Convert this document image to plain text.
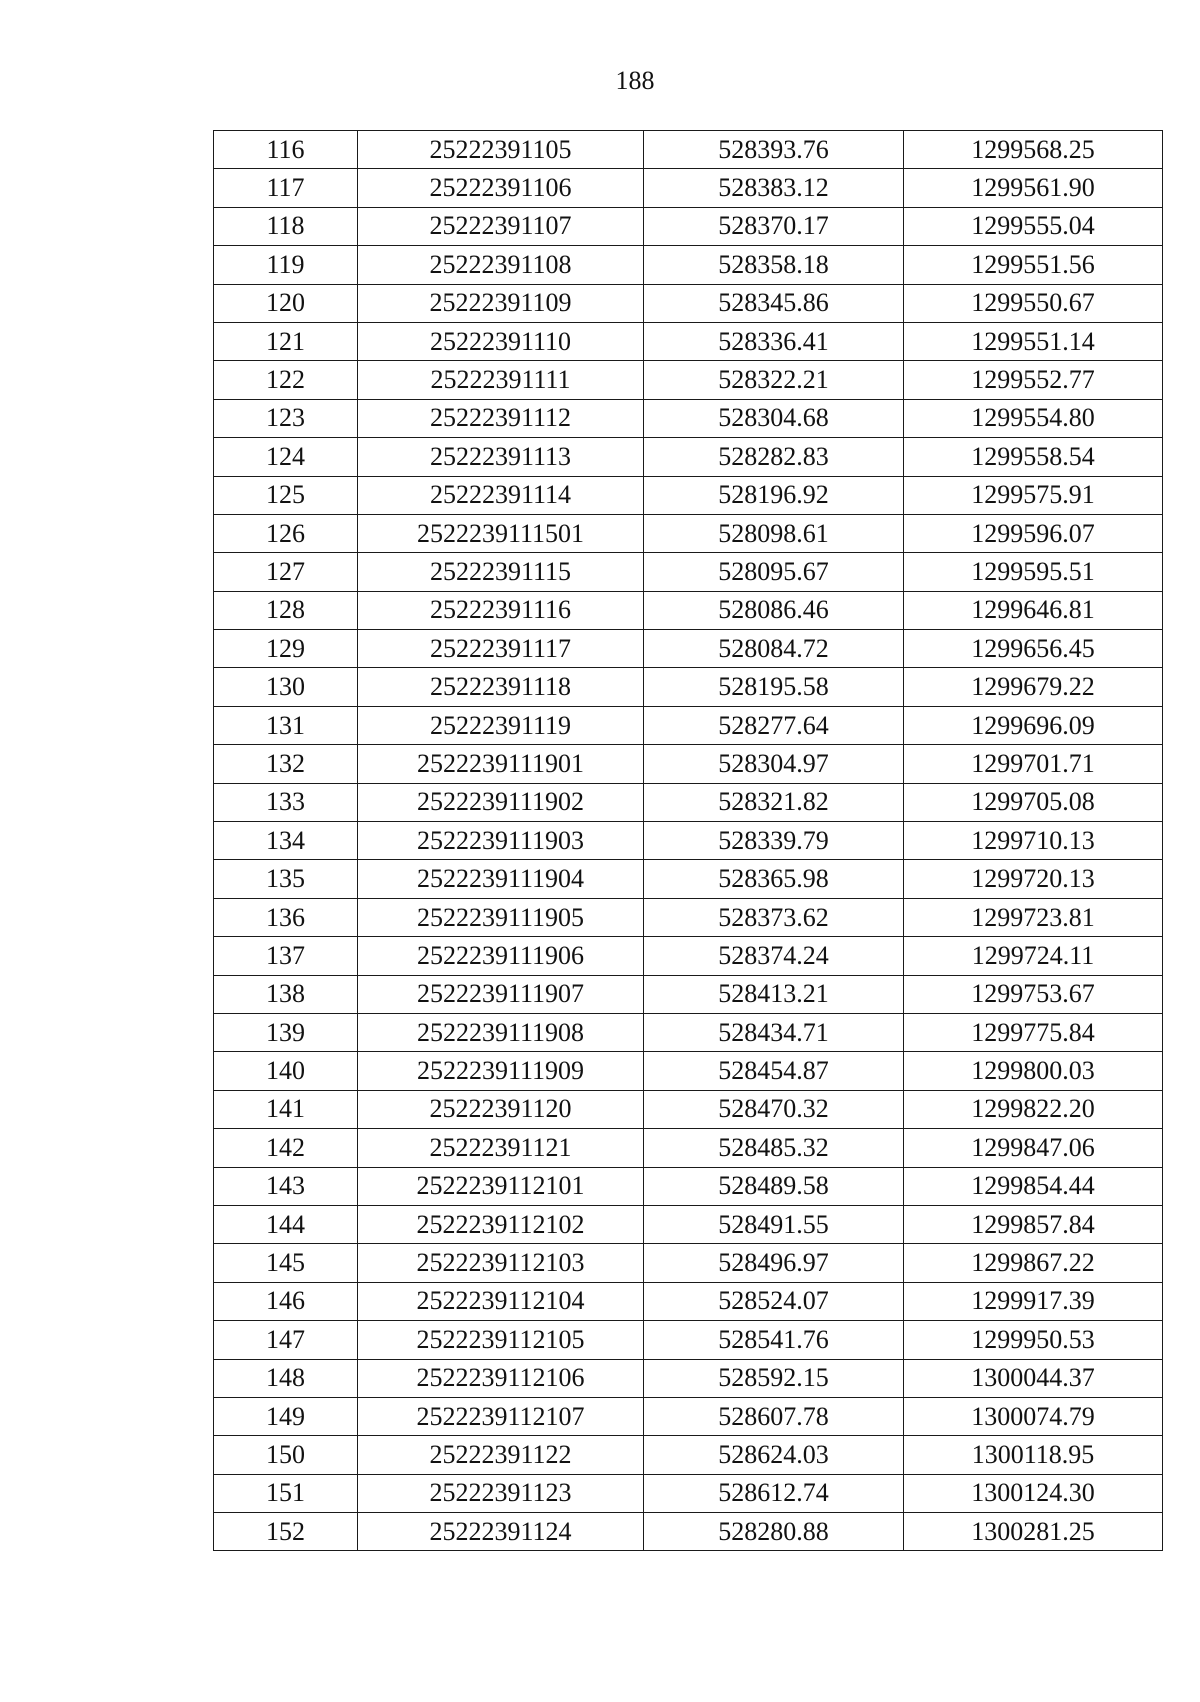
188
116	25222391105	528393.76	1299568.25
117	25222391106	528383.12	1299561.90
118	25222391107	528370.17	1299555.04
119	25222391108	528358.18	1299551.56
120	25222391109	528345.86	1299550.67
121	25222391110	528336.41	1299551.14
122	25222391111	528322.21	1299552.77
123	25222391112	528304.68	1299554.80
124	25222391113	528282.83	1299558.54
125	25222391114	528196.92	1299575.91
126	2522239111501	528098.61	1299596.07
127	25222391115	528095.67	1299595.51
128	25222391116	528086.46	1299646.81
129	25222391117	528084.72	1299656.45
130	25222391118	528195.58	1299679.22
131	25222391119	528277.64	1299696.09
132	2522239111901	528304.97	1299701.71
133	2522239111902	528321.82	1299705.08
134	2522239111903	528339.79	1299710.13
135	2522239111904	528365.98	1299720.13
136	2522239111905	528373.62	1299723.81
137	2522239111906	528374.24	1299724.11
138	2522239111907	528413.21	1299753.67
139	2522239111908	528434.71	1299775.84
140	2522239111909	528454.87	1299800.03
141	25222391120	528470.32	1299822.20
142	25222391121	528485.32	1299847.06
143	2522239112101	528489.58	1299854.44
144	2522239112102	528491.55	1299857.84
145	2522239112103	528496.97	1299867.22
146	2522239112104	528524.07	1299917.39
147	2522239112105	528541.76	1299950.53
148	2522239112106	528592.15	1300044.37
149	2522239112107	528607.78	1300074.79
150	25222391122	528624.03	1300118.95
151	25222391123	528612.74	1300124.30
152	25222391124	528280.88	1300281.25
